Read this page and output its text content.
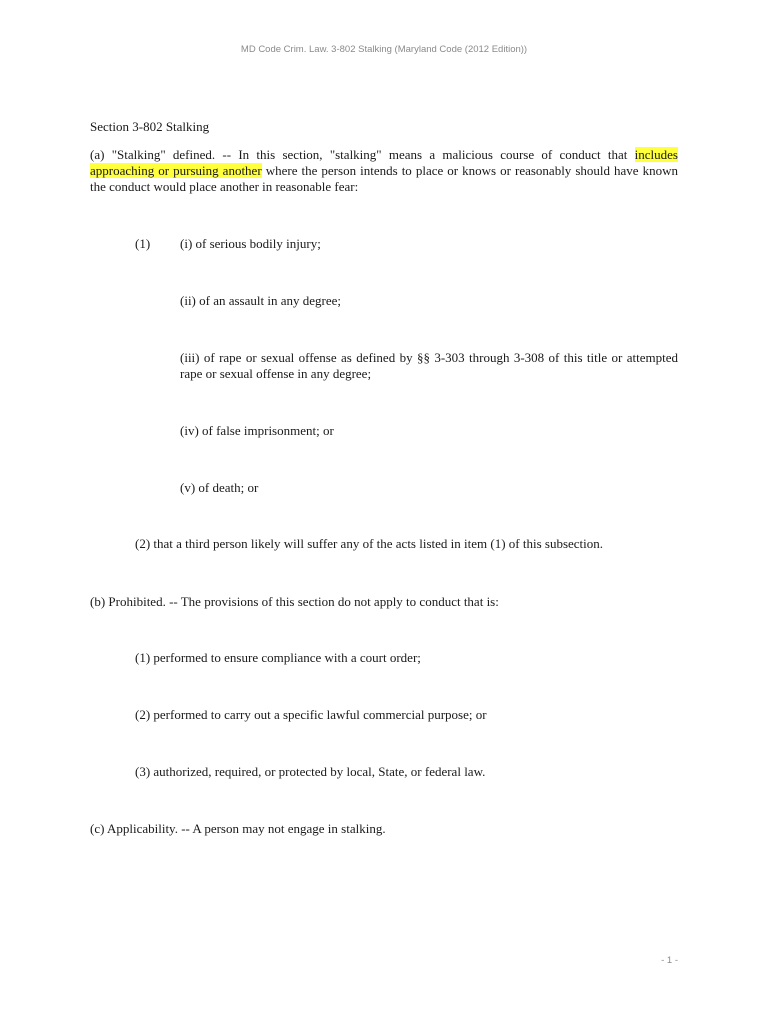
MD Code Crim. Law. 3-802 Stalking (Maryland Code (2012 Edition))
Section 3-802 Stalking
(a) "Stalking" defined. -- In this section, "stalking" means a malicious course of conduct that includes approaching or pursuing another where the person intends to place or knows or reasonably should have known the conduct would place another in reasonable fear:
(1) (i) of serious bodily injury;
(ii) of an assault in any degree;
(iii) of rape or sexual offense as defined by §§ 3-303 through 3-308 of this title or attempted rape or sexual offense in any degree;
(iv) of false imprisonment; or
(v) of death; or
(2) that a third person likely will suffer any of the acts listed in item (1) of this subsection.
(b) Prohibited. -- The provisions of this section do not apply to conduct that is:
(1) performed to ensure compliance with a court order;
(2) performed to carry out a specific lawful commercial purpose; or
(3) authorized, required, or protected by local, State, or federal law.
(c) Applicability. -- A person may not engage in stalking.
- 1 -
